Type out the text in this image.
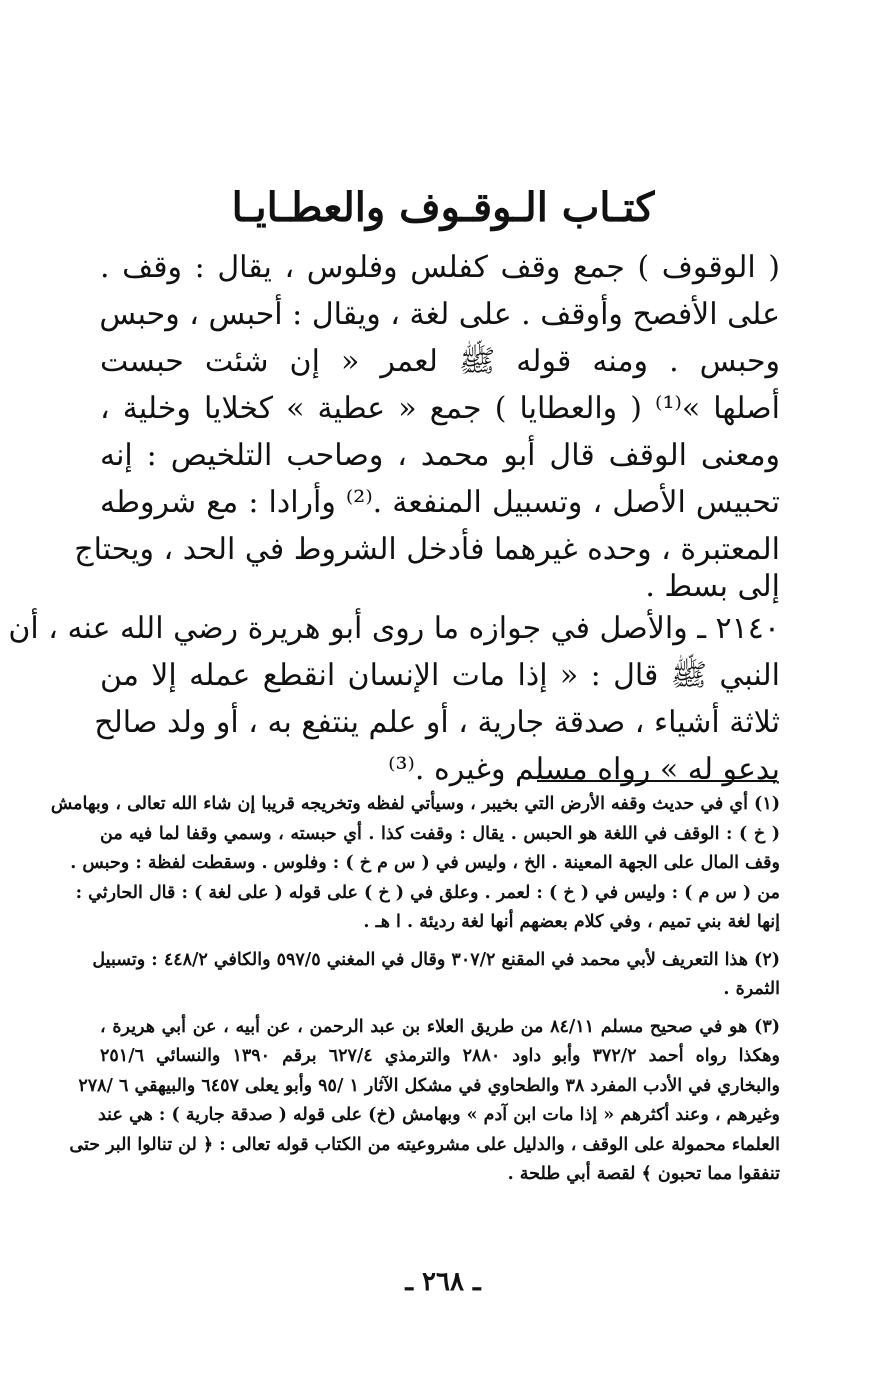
كتـاب الـوقـوف والعطـايـا
( الوقوف ) جمع وقف كفلس وفلوس ، يقال : وقف .
على الأفصح وأوقف . على لغة ، ويقال : أحبس ، وحبس
وحبس . ومنه قوله ﷺ لعمر « إن شئت حبست
أصلها »⁽¹⁾ ( والعطايا ) جمع « عطية » كخلايا وخلية ،
ومعنى الوقف قال أبو محمد ، وصاحب التلخيص : إنه
تحبيس الأصل ، وتسبيل المنفعة .⁽²⁾ وأرادا : مع شروطه
المعتبرة ، وحده غيرهما فأدخل الشروط في الحد ، ويحتاج
إلى بسط .
٢١٤٠ ـ والأصل في جوازه ما روى أبو هريرة رضي الله عنه ، أن
النبي ﷺ قال : « إذا مات الإنسان انقطع عمله إلا من
ثلاثة أشياء ، صدقة جارية ، أو علم ينتفع به ، أو ولد صالح
يدعو له » رواه مسلم وغيره .⁽³⁾
(١) أي في حديث وقفه الأرض التي بخيبر ، وسيأتي لفظه وتخريجه قريبا إن شاء الله تعالى ، وبهامش
( خ ) : الوقف في اللغة هو الحبس . يقال : وقفت كذا . أي حبسته ، وسمي وقفا لما فيه من
وقف المال على الجهة المعينة . الخ ، وليس في ( س م خ ) : وفلوس . وسقطت لفظة : وحبس .
من ( س م ) : وليس في ( خ ) : لعمر . وعلق في ( خ ) على قوله ( على لغة ) : قال الحارثي :
إنها لغة بني تميم ، وفي كلام بعضهم أنها لغة رديئة . ا هـ .
(٢) هذا التعريف لأبي محمد في المقنع ٣٠٧/٢ وقال في المغني ٥٩٧/٥ والكافي ٤٤٨/٢ : وتسبيل
الثمرة .
(٣) هو في صحيح مسلم ٨٤/١١ من طريق العلاء بن عبد الرحمن ، عن أبيه ، عن أبي هريرة ،
وهكذا رواه أحمد ٣٧٢/٢ وأبو داود ٢٨٨٠ والترمذي ٦٢٧/٤ برقم ١٣٩٠ والنسائي ٢٥١/٦
والبخاري في الأدب المفرد ٣٨ والطحاوي في مشكل الآثار ١ /٩٥ وأبو يعلى ٦٤٥٧ والبيهقي ٦ /٢٧٨
وغيرهم ، وعند أكثرهم « إذا مات ابن آدم » وبهامش (خ) على قوله ( صدقة جارية ) : هي عند
العلماء محمولة على الوقف ، والدليل على مشروعيته من الكتاب قوله تعالى : ﴿ لن تنالوا البر حتى
تنفقوا مما تحبون ﴾ لقصة أبي طلحة .
ـ ٢٦٨ ـ
